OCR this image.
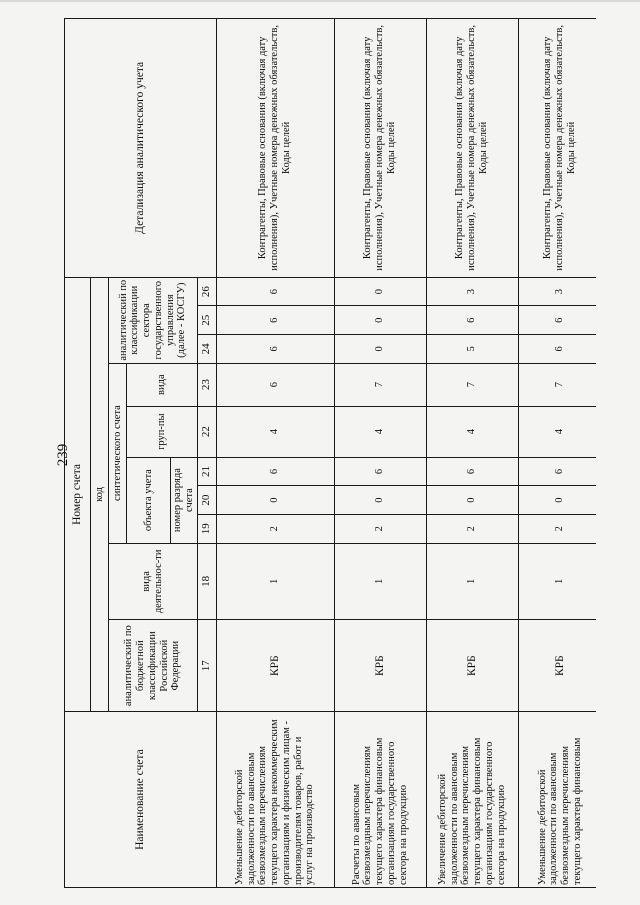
239
Наименование счета	Номер счета										Детализация аналитического учета
	код										
	аналитический по бюджетной классификации Российской Федерации	вида деятельнос-ти	синтетического счета					аналитический по классификации сектора государственного управления (далее - КОСГУ)			
			объекта учета			груп-пы	вида				
			номер разряда счета								
	17	18	19	20	21	22	23	24	25	26	
Уменьшение дебиторской задолженности по авансовым безвозмездным перечислениям текущего характера некоммерческим организациям и физическим лицам - производителям товаров, работ и услуг на производство	КРБ	1	2	0	6	4	6	6	6	6	Контрагенты, Правовые основания (включая дату исполнения), Учетные номера денежных обязательств, Коды целей
Расчеты по авансовым безвозмездным перечислениям текущего характера финансовым организациям государственного сектора на продукцию	КРБ	1	2	0	6	4	7	0	0	0	Контрагенты, Правовые основания (включая дату исполнения), Учетные номера денежных обязательств, Коды целей
Увеличение дебиторской задолженности по авансовым безвозмездным перечислениям текущего характера финансовым организациям государственного сектора на продукцию	КРБ	1	2	0	6	4	7	5	6	3	Контрагенты, Правовые основания (включая дату исполнения), Учетные номера денежных обязательств, Коды целей
Уменьшение дебиторской задолженности по авансовым безвозмездным перечислениям текущего характера финансовым	КРБ	1	2	0	6	4	7	6	6	3	Контрагенты, Правовые основания (включая дату исполнения), Учетные номера денежных обязательств, Коды целей
